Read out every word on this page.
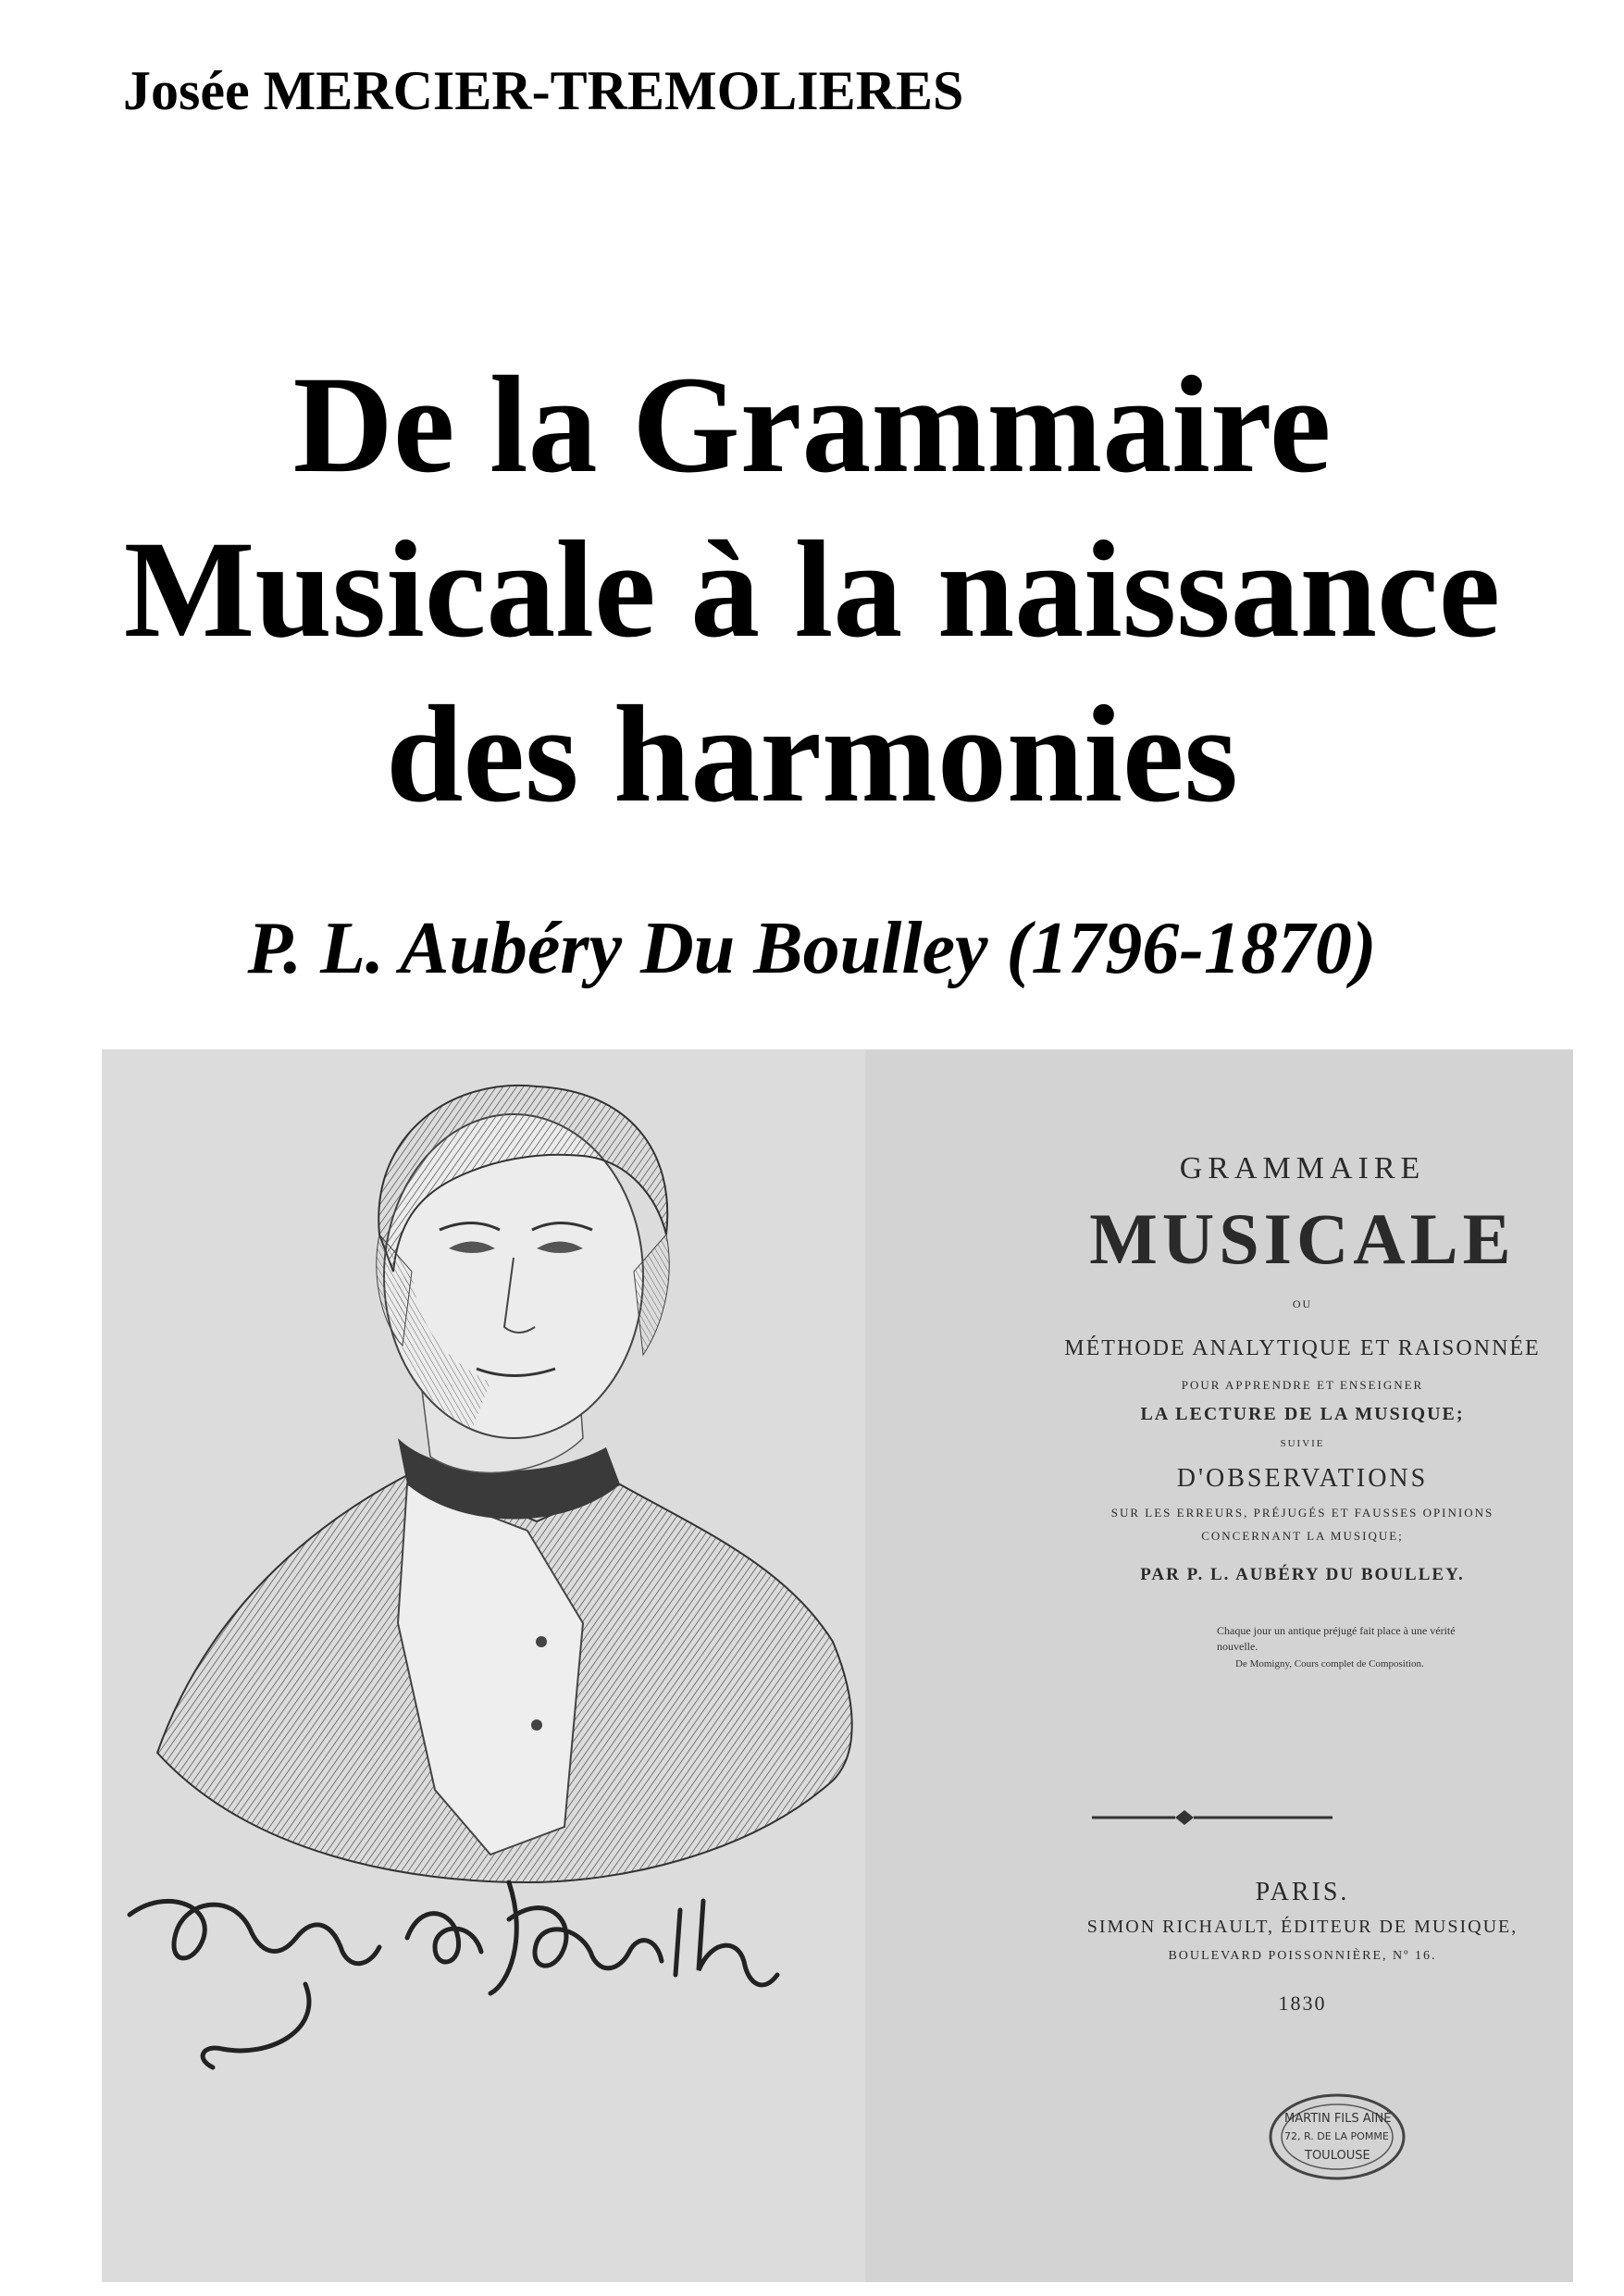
Josée MERCIER-TREMOLIERES
De la Grammaire
Musicale à la naissance
des harmonies
P. L. Aubéry Du Boulley (1796-1870)
GRAMMAIRE
MUSICALE
OU
MÉTHODE ANALYTIQUE ET RAISONNÉE
POUR APPRENDRE ET ENSEIGNER
LA LECTURE DE LA MUSIQUE;
SUIVIE
D'OBSERVATIONS
SUR LES ERREURS, PRÉJUGÉS ET FAUSSES OPINIONS
CONCERNANT LA MUSIQUE;
PAR P. L. AUBÉRY DU BOULLEY.
Chaque jour un antique préjugé fait place à une vérité nouvelle.
De Momigny, Cours complet de Composition.
PARIS.
SIMON RICHAULT, ÉDITEUR DE MUSIQUE,
BOULEVARD POISSONNIÈRE, Nº 16.
1830
MARTIN FILS AINÉ
72, R. DE LA POMME
TOULOUSE
